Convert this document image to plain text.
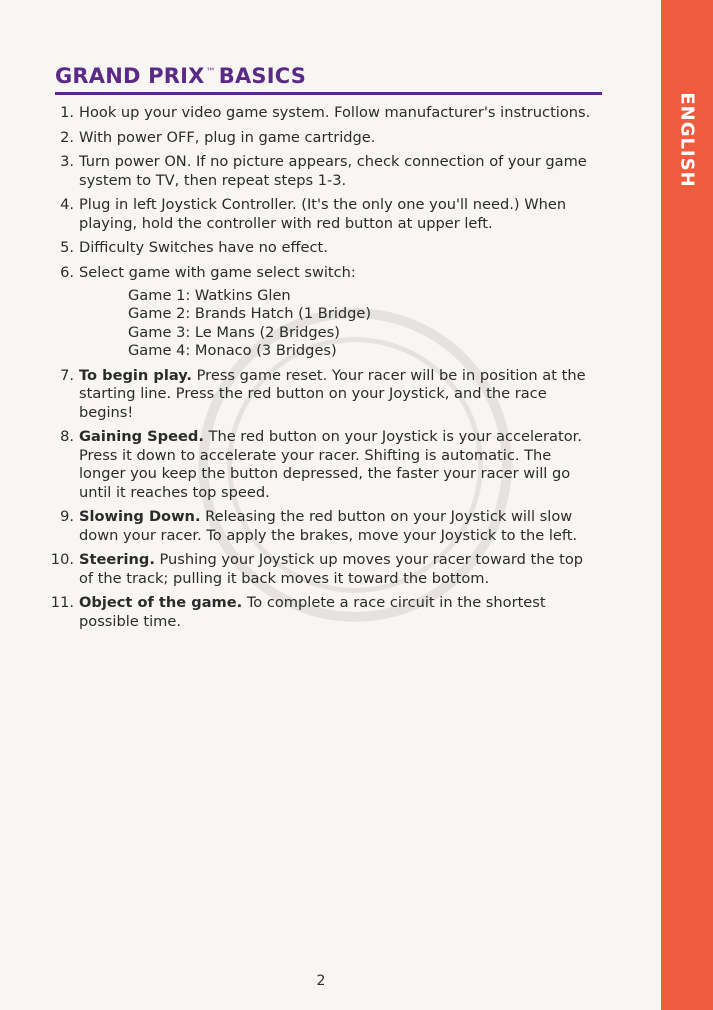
ENGLISH
GRAND PRIX™ BASICS
1. Hook up your video game system. Follow manufacturer's instructions.
2. With power OFF, plug in game cartridge.
3. Turn power ON. If no picture appears, check connection of your game system to TV, then repeat steps 1-3.
4. Plug in left Joystick Controller. (It's the only one you'll need.) When playing, hold the controller with red button at upper left.
5. Difficulty Switches have no effect.
6. Select game with game select switch:
Game 1: Watkins Glen
Game 2: Brands Hatch (1 Bridge)
Game 3: Le Mans (2 Bridges)
Game 4: Monaco (3 Bridges)
7. To begin play. Press game reset. Your racer will be in position at the starting line. Press the red button on your Joystick, and the race begins!
8. Gaining Speed. The red button on your Joystick is your accelerator. Press it down to accelerate your racer. Shifting is automatic. The longer you keep the button depressed, the faster your racer will go until it reaches top speed.
9. Slowing Down. Releasing the red button on your Joystick will slow down your racer. To apply the brakes, move your Joystick to the left.
10. Steering. Pushing your Joystick up moves your racer toward the top of the track; pulling it back moves it toward the bottom.
11. Object of the game. To complete a race circuit in the shortest possible time.
2
